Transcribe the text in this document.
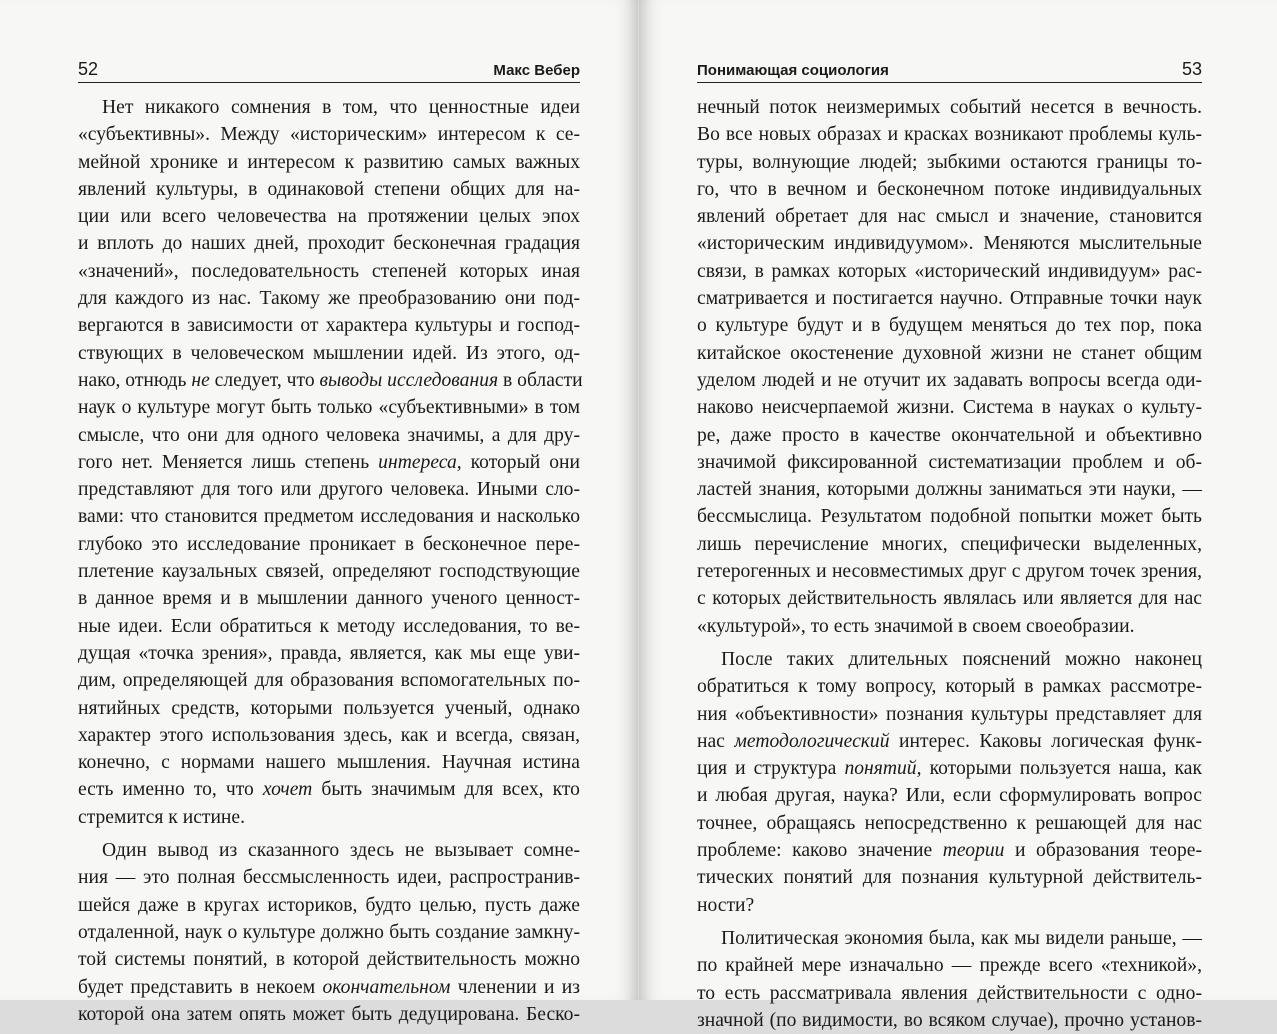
52	Макс Вебер
Нет никакого сомнения в том, что ценностные идеи
«субъективны». Между «историческим» интересом к се-
мейной хронике и интересом к развитию самых важных
явлений культуры, в одинаковой степени общих для на-
ции или всего человечества на протяжении целых эпох
и вплоть до наших дней, проходит бесконечная градация
«значений», последовательность степеней которых иная
для каждого из нас. Такому же преобразованию они под-
вергаются в зависимости от характера культуры и господ-
ствующих в человеческом мышлении идей. Из этого, од-
нако, отнюдь не следует, что выводы исследования в области
наук о культуре могут быть только «субъективными» в том
смысле, что они для одного человека значимы, а для дру-
гого нет. Меняется лишь степень интереса, который они
представляют для того или другого человека. Иными сло-
вами: что становится предметом исследования и насколько
глубоко это исследование проникает в бесконечное пере-
плетение каузальных связей, определяют господствующие
в данное время и в мышлении данного ученого ценност-
ные идеи. Если обратиться к методу исследования, то ве-
дущая «точка зрения», правда, является, как мы еще уви-
дим, определяющей для образования вспомогательных по-
нятийных средств, которыми пользуется ученый, однако
характер этого использования здесь, как и всегда, связан,
конечно, с нормами нашего мышления. Научная истина
есть именно то, что хочет быть значимым для всех, кто
стремится к истине.
Один вывод из сказанного здесь не вызывает сомне-
ния — это полная бессмысленность идеи, распространив-
шейся даже в кругах историков, будто целью, пусть даже
отдаленной, наук о культуре должно быть создание замкну-
той системы понятий, в которой действительность можно
будет представить в некоем окончательном членении и из
которой она затем опять может быть дедуцирована. Беско-
Понимающая социология	53
нечный поток неизмеримых событий несется в вечность.
Во все новых образах и красках возникают проблемы куль-
туры, волнующие людей; зыбкими остаются границы то-
го, что в вечном и бесконечном потоке индивидуальных
явлений обретает для нас смысл и значение, становится
«историческим индивидуумом». Меняются мыслительные
связи, в рамках которых «исторический индивидуум» рас-
сматривается и постигается научно. Отправные точки наук
о культуре будут и в будущем меняться до тех пор, пока
китайское окостенение духовной жизни не станет общим
уделом людей и не отучит их задавать вопросы всегда оди-
наково неисчерпаемой жизни. Система в науках о культу-
ре, даже просто в качестве окончательной и объективно
значимой фиксированной систематизации проблем и об-
ластей знания, которыми должны заниматься эти науки, —
бессмыслица. Результатом подобной попытки может быть
лишь перечисление многих, специфически выделенных,
гетерогенных и несовместимых друг с другом точек зрения,
с которых действительность являлась или является для нас
«культурой», то есть значимой в своем своеобразии.
После таких длительных пояснений можно наконец
обратиться к тому вопросу, который в рамках рассмотре-
ния «объективности» познания культуры представляет для
нас методологический интерес. Каковы логическая функ-
ция и структура понятий, которыми пользуется наша, как
и любая другая, наука? Или, если сформулировать вопрос
точнее, обращаясь непосредственно к решающей для нас
проблеме: каково значение теории и образования теоре-
тических понятий для познания культурной действитель-
ности?
Политическая экономия была, как мы видели раньше, —
по крайней мере изначально — прежде всего «техникой»,
то есть рассматривала явления действительности с одно-
значной (по видимости, во всяком случае), прочно установ-
